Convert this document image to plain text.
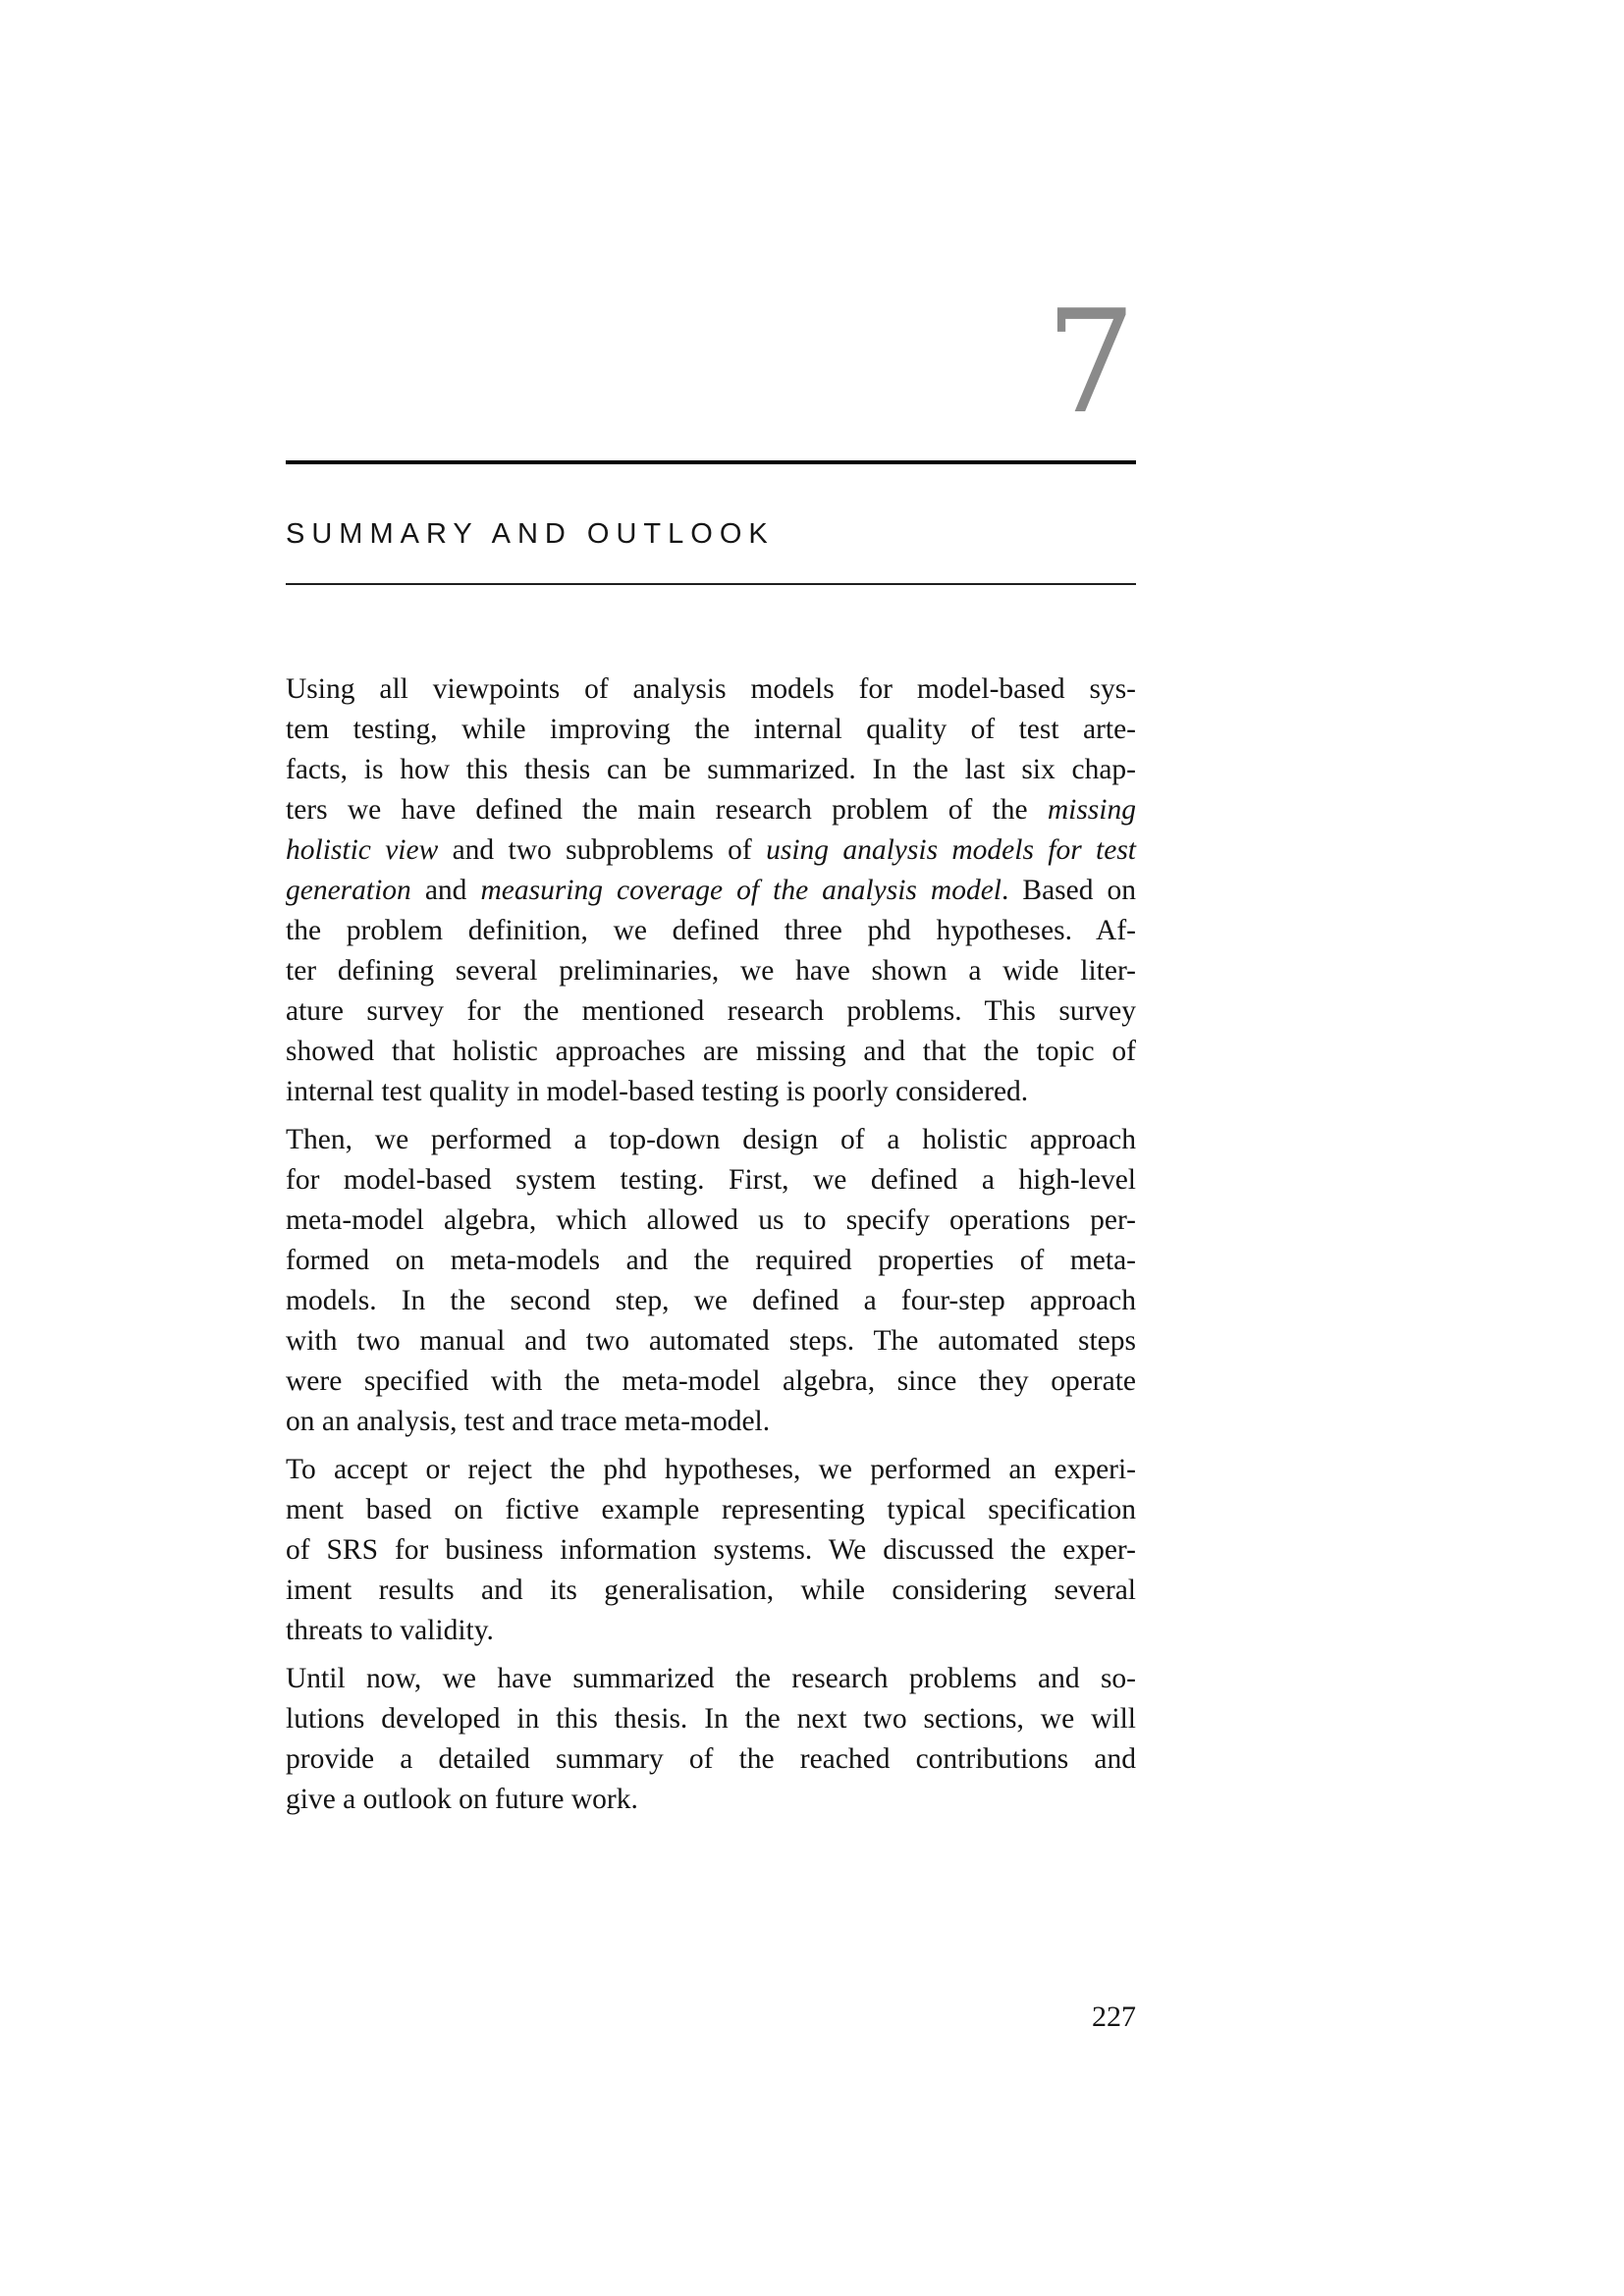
7
SUMMARY AND OUTLOOK
Using all viewpoints of analysis models for model-based sys-
tem testing, while improving the internal quality of test arte-
facts, is how this thesis can be summarized. In the last six chap-
ters we have defined the main research problem of the missing
holistic view and two subproblems of using analysis models for test
generation and measuring coverage of the analysis model. Based on
the problem definition, we defined three phd hypotheses. Af-
ter defining several preliminaries, we have shown a wide liter-
ature survey for the mentioned research problems. This survey
showed that holistic approaches are missing and that the topic of
internal test quality in model-based testing is poorly considered.
Then, we performed a top-down design of a holistic approach
for model-based system testing. First, we defined a high-level
meta-model algebra, which allowed us to specify operations per-
formed on meta-models and the required properties of meta-
models. In the second step, we defined a four-step approach
with two manual and two automated steps. The automated steps
were specified with the meta-model algebra, since they operate
on an analysis, test and trace meta-model.
To accept or reject the phd hypotheses, we performed an experi-
ment based on fictive example representing typical specification
of SRS for business information systems. We discussed the exper-
iment results and its generalisation, while considering several
threats to validity.
Until now, we have summarized the research problems and so-
lutions developed in this thesis. In the next two sections, we will
provide a detailed summary of the reached contributions and
give a outlook on future work.
227
